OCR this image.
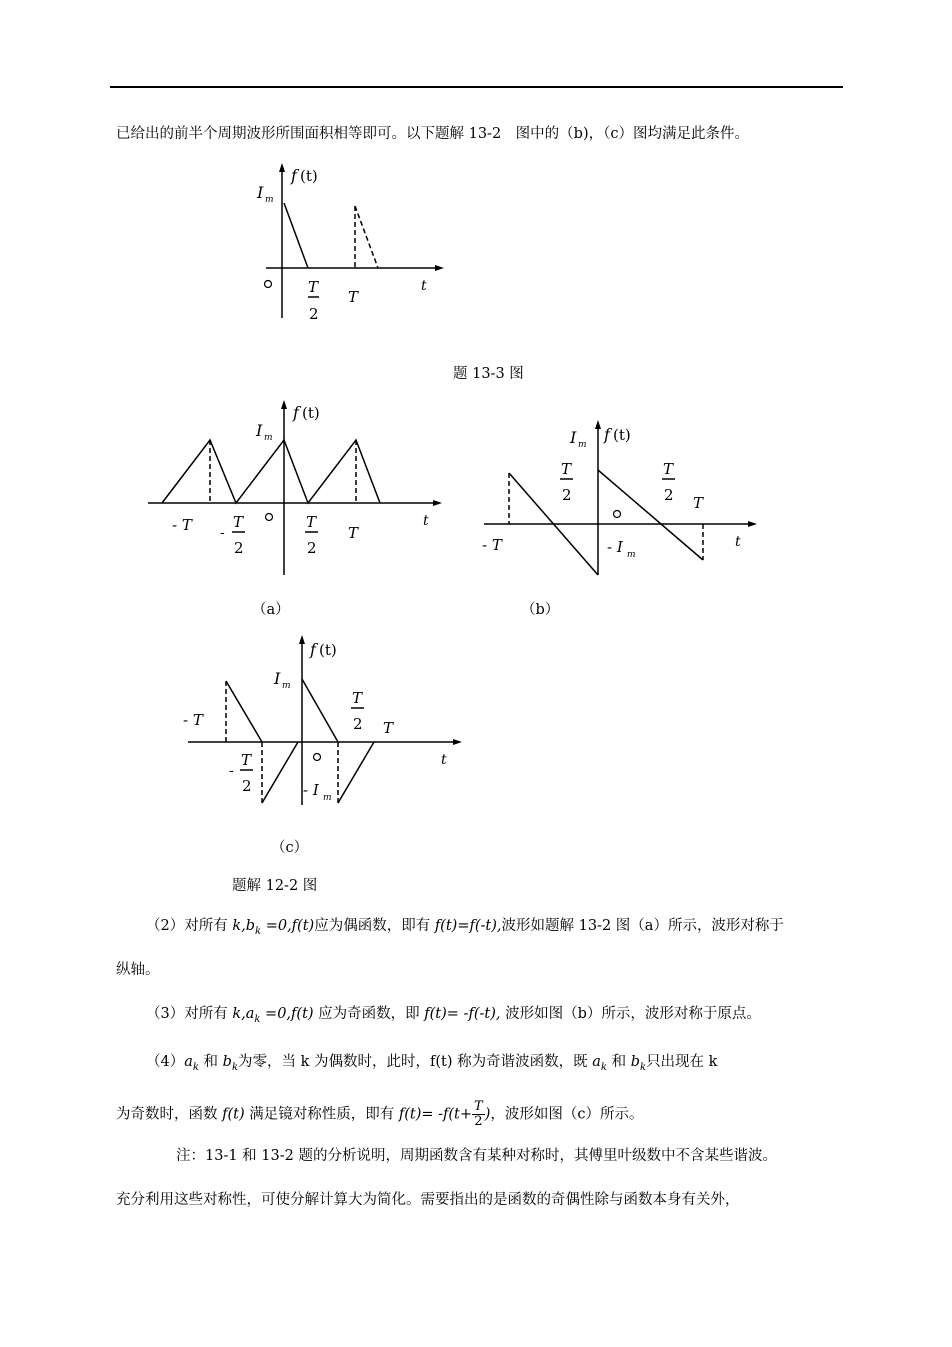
已给出的前半个周期波形所围面积相等即可。以下题解 13-2　图中的（b)，（c）图均满足此条件。
I m
f (t)
t
T
2
T
题 13-3 图
I m
f (t)
t
- T -
T
2
T
2
T
I m
f (t)
t
T
2
T
2 T
- T	- I m
（a）	（b）
I m
f (t)
t
- T
-
T
2
T
2 T
- I m
（c）
题解 12-2 图
（2）对所有 $k,b_k =0,f(t)$应为偶函数，即有 f(t)=f(-t),波形如题解 13-2 图（a）所示，波形对称于
纵轴。
（3）对所有 $k,a_k =0,f(t)$ 应为奇函数，即 f(t)= -f(-t), 波形如图（b）所示，波形对称于原点。
$(4)a_k$ 和 $b_k$为零，当 k 为偶数时，此时，f(t) 称为奇谐波函数，既 $a_k$ 和 $b_k$只出现在 k
为奇数时，函数 f(t) 满足镜对称性质，即有 $f(t)= -f(t+ \frac{T}{2}$ )，波形如图（c）所示。
注：13-1 和 13-2 题的分析说明，周期函数含有某种对称时，其傅里叶级数中不含某些谐波。
充分利用这些对称性，可使分解计算大为简化。需要指出的是函数的奇偶性除与函数本身有关外，
